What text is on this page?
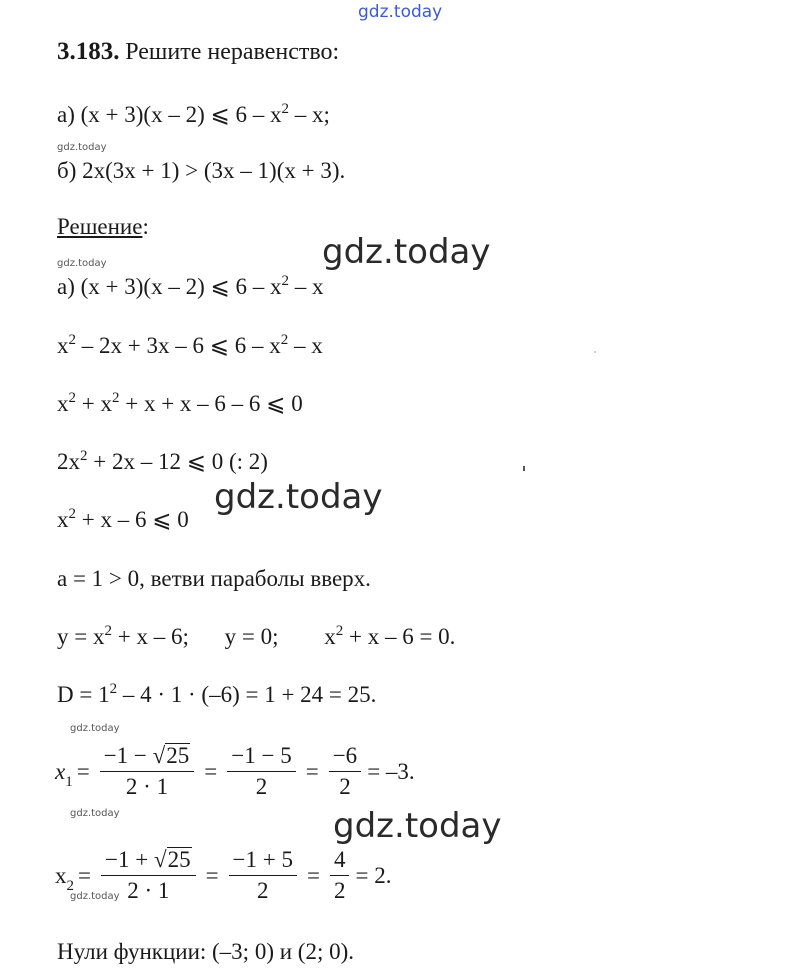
gdz.today
3.183. Решите неравенство:
а) (x + 3)(x – 2) ⩽ $6 - x^2$ – x;
gdz.today
б) 2x(3x + 1) > (3x – 1)(x + 3).
Решение:
gdz.today
gdz.today
а) (x + 3)(x – 2) ⩽ $6 - x^2$ – x
$x^2 - 2x + 3x - 6$ ⩽ $6 - x^2$ – x
$x^2 + x^2 + x + x - 6 - 6$ ⩽ 0
$2x^2 + 2x - 12$ ⩽ 0 (: 2)
gdz.today
$x^2 + x - 6$ ⩽ 0
a = 1 > 0, ветви параболы вверх.
$y = x^2 + x - 6$; y = 0; $x^2 + x - 6 = 0$.
$D = 1^2 - 4 \cdot 1 \cdot (-6) = 1 + 24 = 25$.
gdz.today
$x_1 = \frac{-1 - √25}{2 \cdot 1} = \frac{-1 - 5}{2} = \frac{-6}{2} = -3$.
gdz.today	gdz.today
$x_2 = \frac{-1 + √25}{2 \cdot 1} = \frac{-1 + 5}{2} = \frac{4}{2} = 2$.
gdz.today
Нули функции: (–3; 0) и (2; 0).
